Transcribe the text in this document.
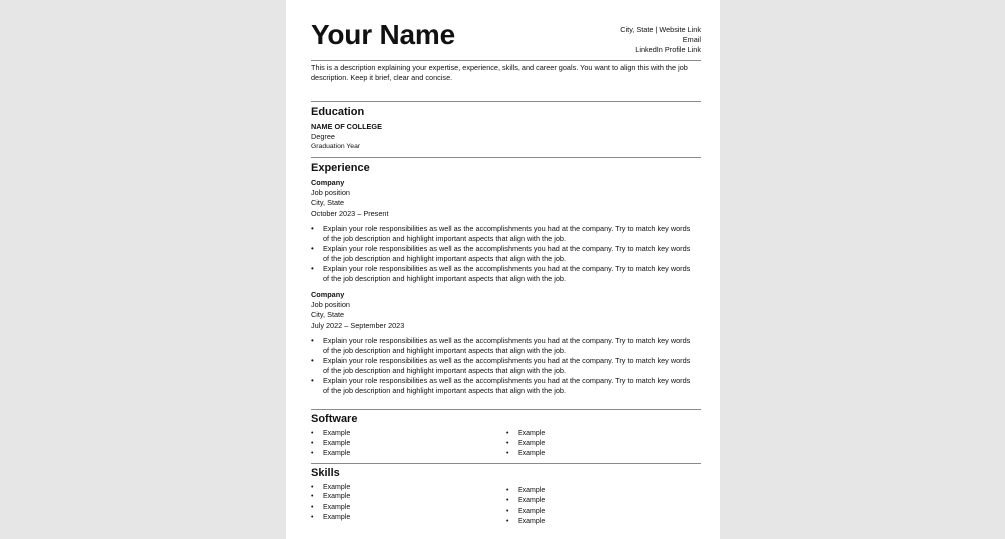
Your Name	City, State | Website Link
Email
LinkedIn Profile Link
This is a description explaining your expertise, experience, skills, and career goals. You want to align this with the job description. Keep it brief, clear and concise.
Education
NAME OF COLLEGE
Degree
Graduation Year
Experience
Company
Job position
City, State
October 2023 – Present
• Explain your role responsibilities as well as the accomplishments you had at the company. Try to match key words of the job description and highlight important aspects that align with the job.
• Explain your role responsibilities as well as the accomplishments you had at the company. Try to match key words of the job description and highlight important aspects that align with the job.
• Explain your role responsibilities as well as the accomplishments you had at the company. Try to match key words of the job description and highlight important aspects that align with the job.
Company
Job position
City, State
July 2022 – September 2023
• Explain your role responsibilities as well as the accomplishments you had at the company. Try to match key words of the job description and highlight important aspects that align with the job.
• Explain your role responsibilities as well as the accomplishments you had at the company. Try to match key words of the job description and highlight important aspects that align with the job.
• Explain your role responsibilities as well as the accomplishments you had at the company. Try to match key words of the job description and highlight important aspects that align with the job.
Software
• Example
• Example
• Example
• Example
• Example
• Example
Skills
• Example
• Example
• Example
• Example
• Example
• Example
• Example
• Example
